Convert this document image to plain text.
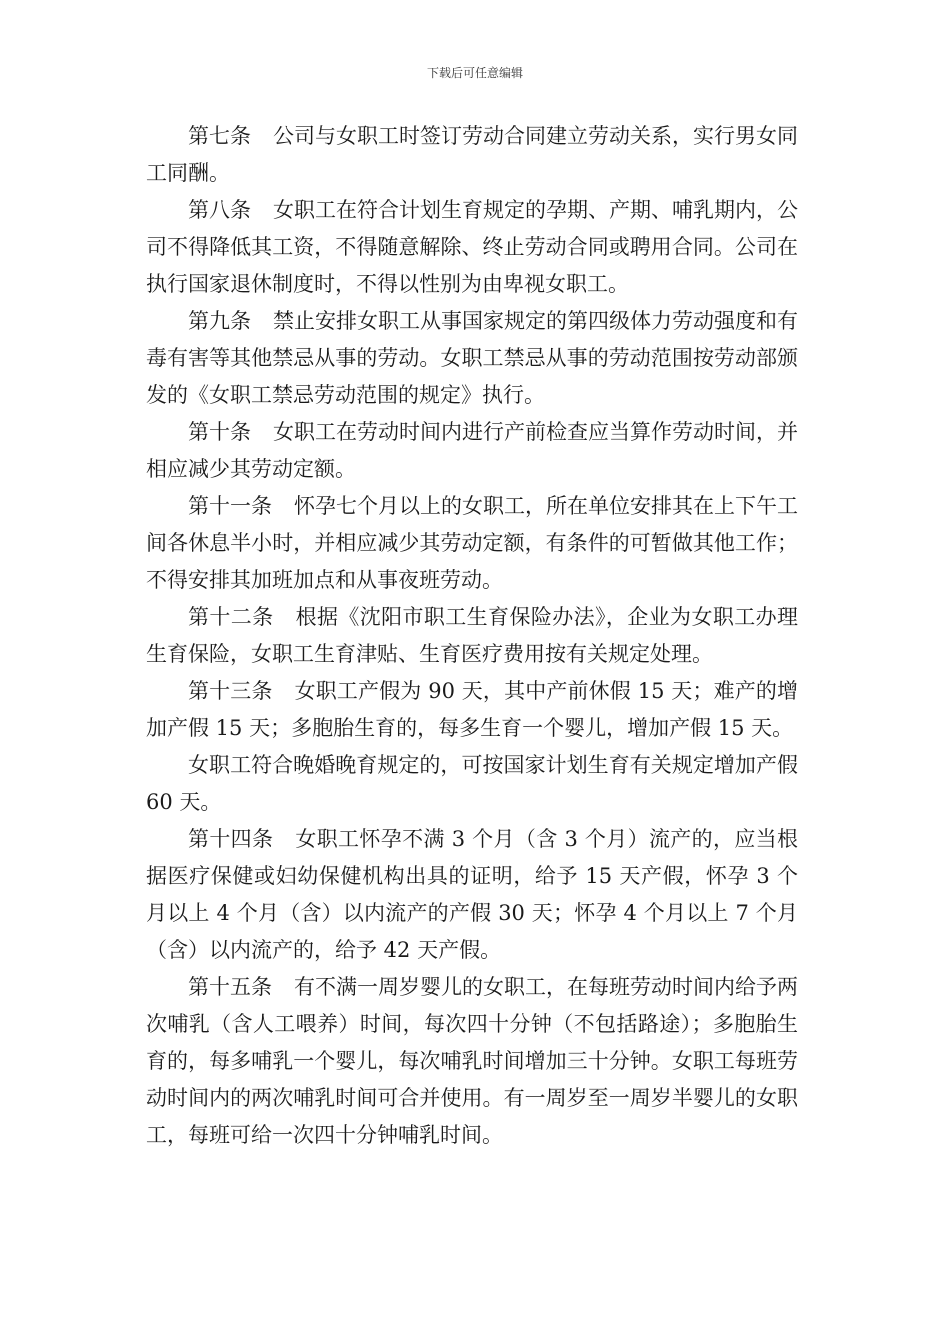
下载后可任意编辑

第七条 公司与女职工时签订劳动合同建立劳动关系，实行男女同工同酬。

第八条 女职工在符合计划生育规定的孕期、产期、哺乳期内，公司不得降低其工资，不得随意解除、终止劳动合同或聘用合同。公司在执行国家退休制度时，不得以性别为由卑视女职工。

第九条 禁止安排女职工从事国家规定的第四级体力劳动强度和有毒有害等其他禁忌从事的劳动。女职工禁忌从事的劳动范围按劳动部颁发的《女职工禁忌劳动范围的规定》执行。

第十条 女职工在劳动时间内进行产前检查应当算作劳动时间，并相应减少其劳动定额。

第十一条 怀孕七个月以上的女职工，所在单位安排其在上下午工间各休息半小时，并相应减少其劳动定额，有条件的可暂做其他工作；不得安排其加班加点和从事夜班劳动。

第十二条 根据《沈阳市职工生育保险办法》，企业为女职工办理生育保险，女职工生育津贴、生育医疗费用按有关规定处理。

第十三条 女职工产假为 90 天，其中产前休假 15 天；难产的增加产假 15 天；多胞胎生育的，每多生育一个婴儿，增加产假 15 天。

女职工符合晚婚晚育规定的，可按国家计划生育有关规定增加产假 60 天。

第十四条 女职工怀孕不满 3 个月（含 3 个月）流产的，应当根据医疗保健或妇幼保健机构出具的证明，给予 15 天产假，怀孕 3 个月以上 4 个月（含）以内流产的产假 30 天；怀孕 4 个月以上 7 个月（含）以内流产的，给予 42 天产假。

第十五条 有不满一周岁婴儿的女职工，在每班劳动时间内给予两次哺乳（含人工喂养）时间，每次四十分钟（不包括路途）；多胞胎生育的，每多哺乳一个婴儿，每次哺乳时间增加三十分钟。女职工每班劳动时间内的两次哺乳时间可合并使用。有一周岁至一周岁半婴儿的女职工，每班可给一次四十分钟哺乳时间。
